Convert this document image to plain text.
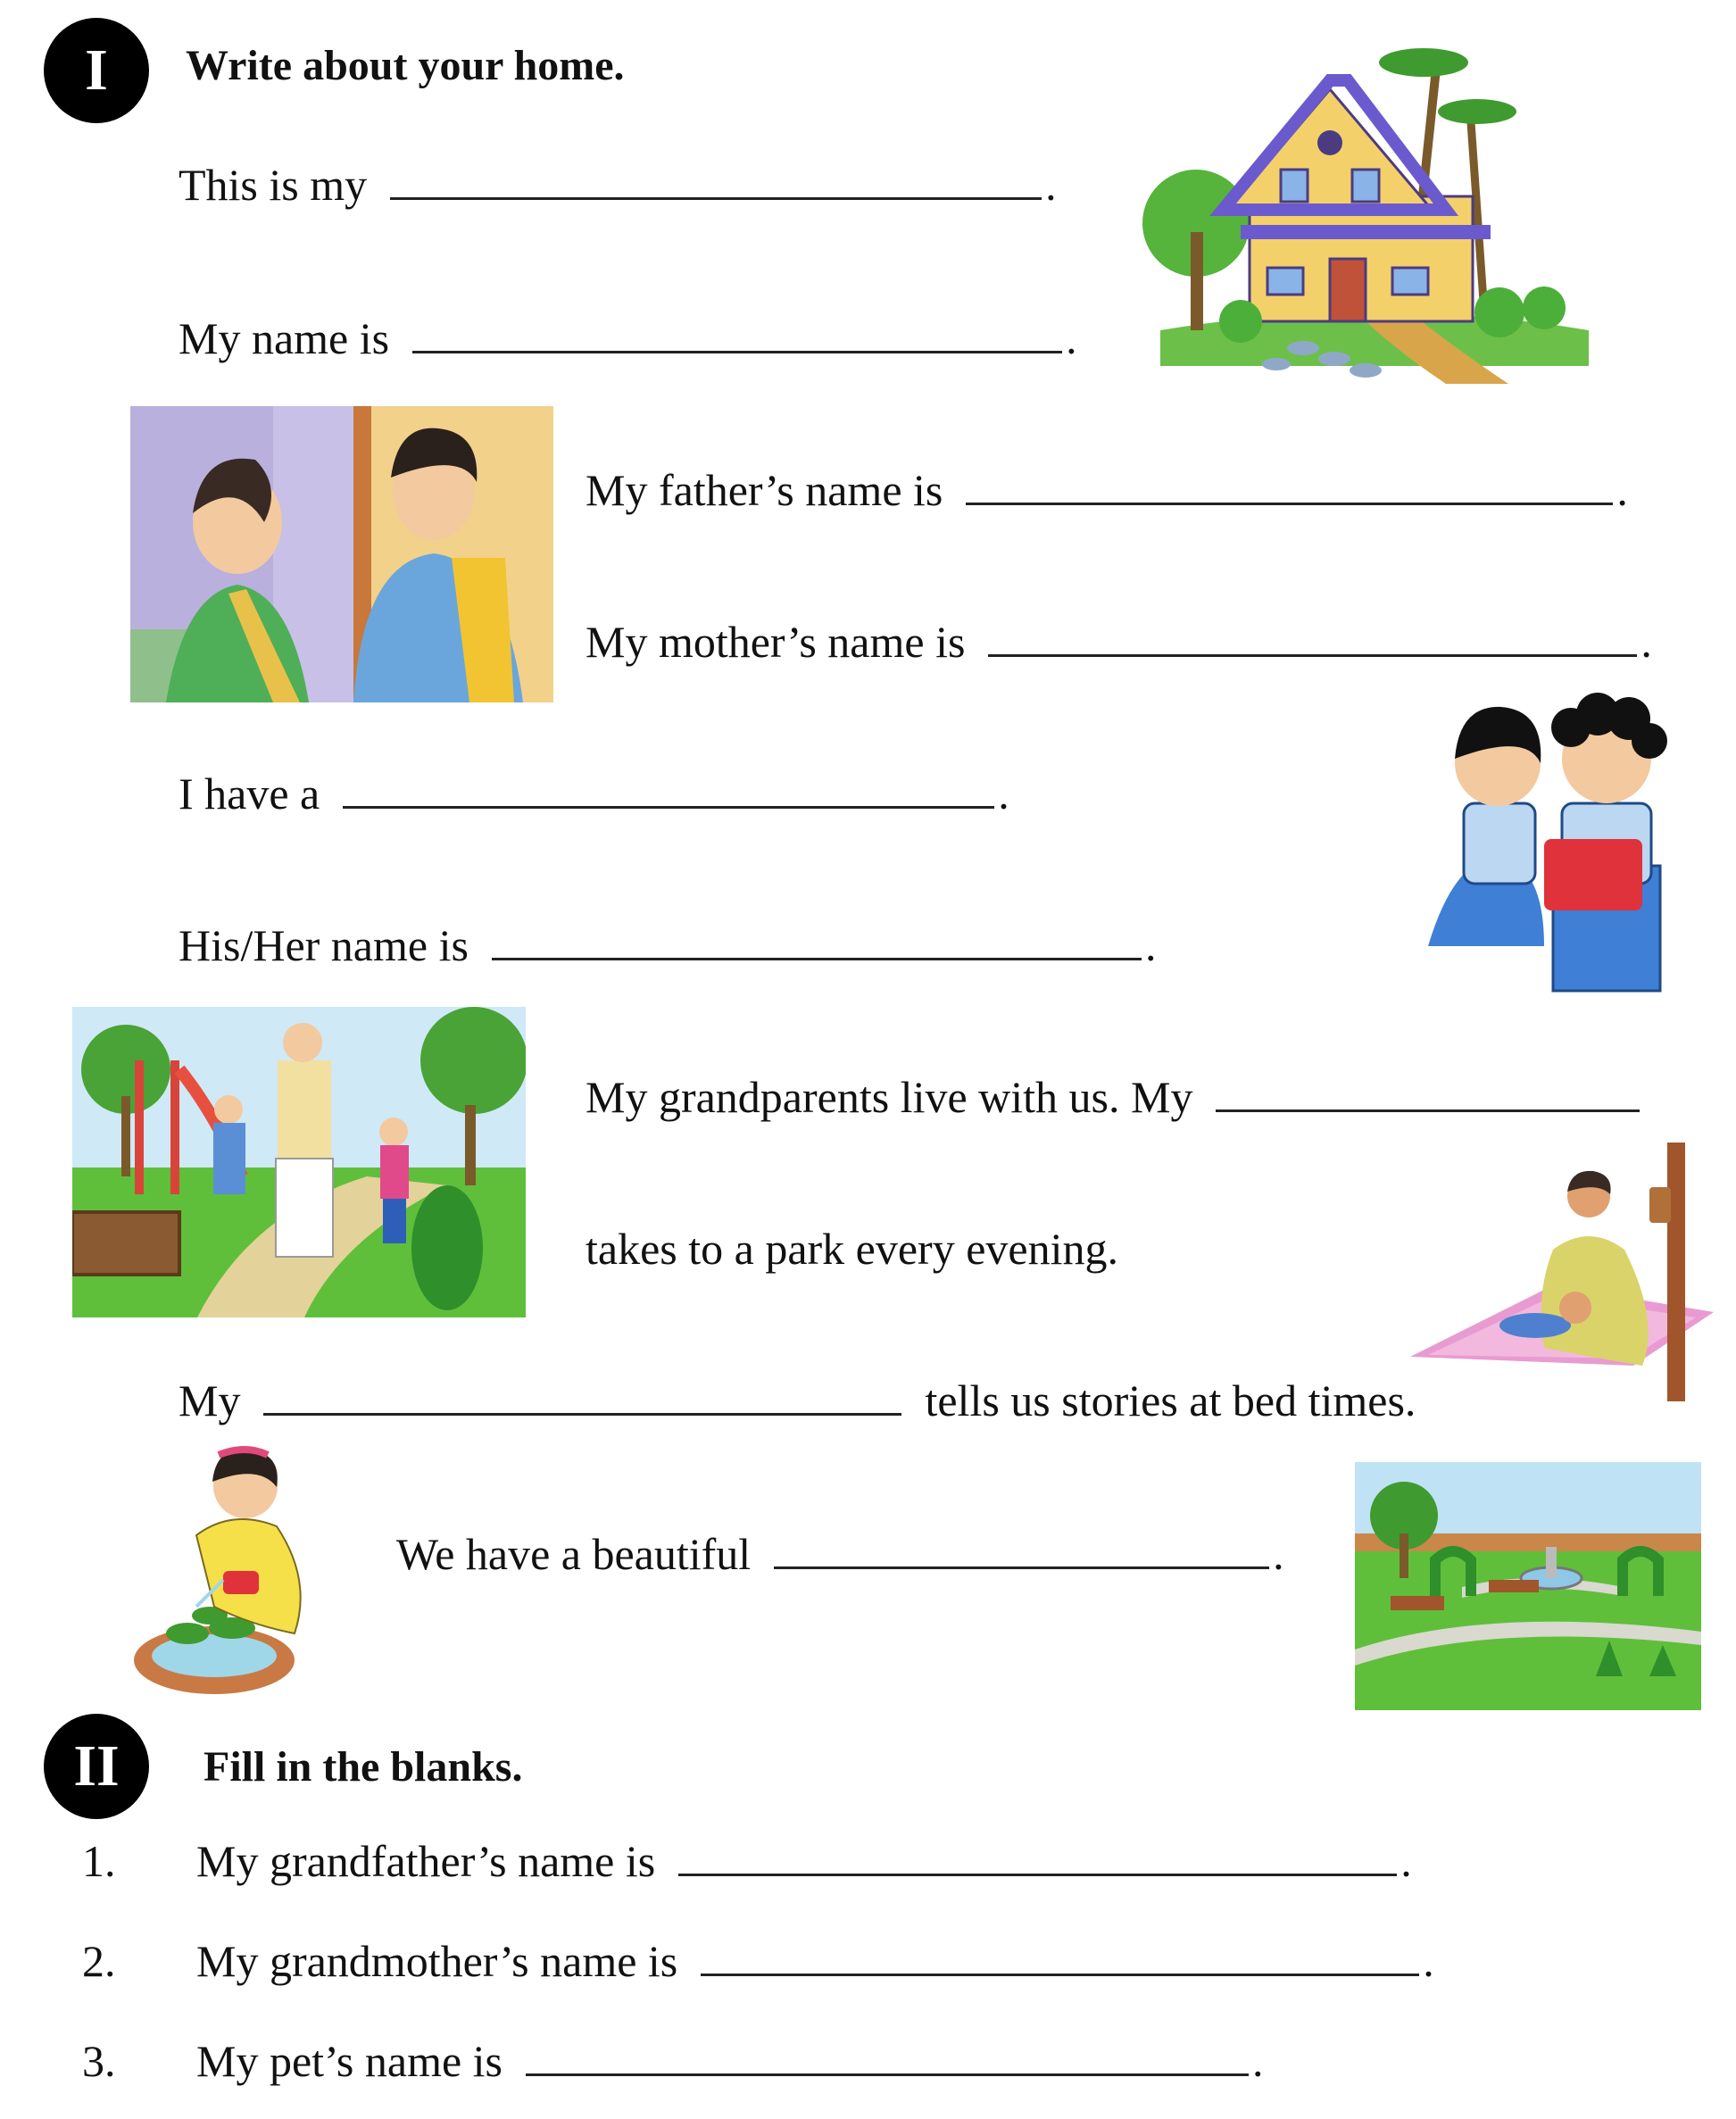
I	Write about your home.
This is my	.
My name is	.
My father’s name is	.
My mother’s name is	.
I have a	.
His/Her name is	.
My grandparents live with us. My
takes to a park every evening.
My	tells us stories at bed times.
We have a beautiful	.
II	Fill in the blanks.
1. My grandfather’s name is	.
2. My grandmother’s name is	.
3. My pet’s name is	.
